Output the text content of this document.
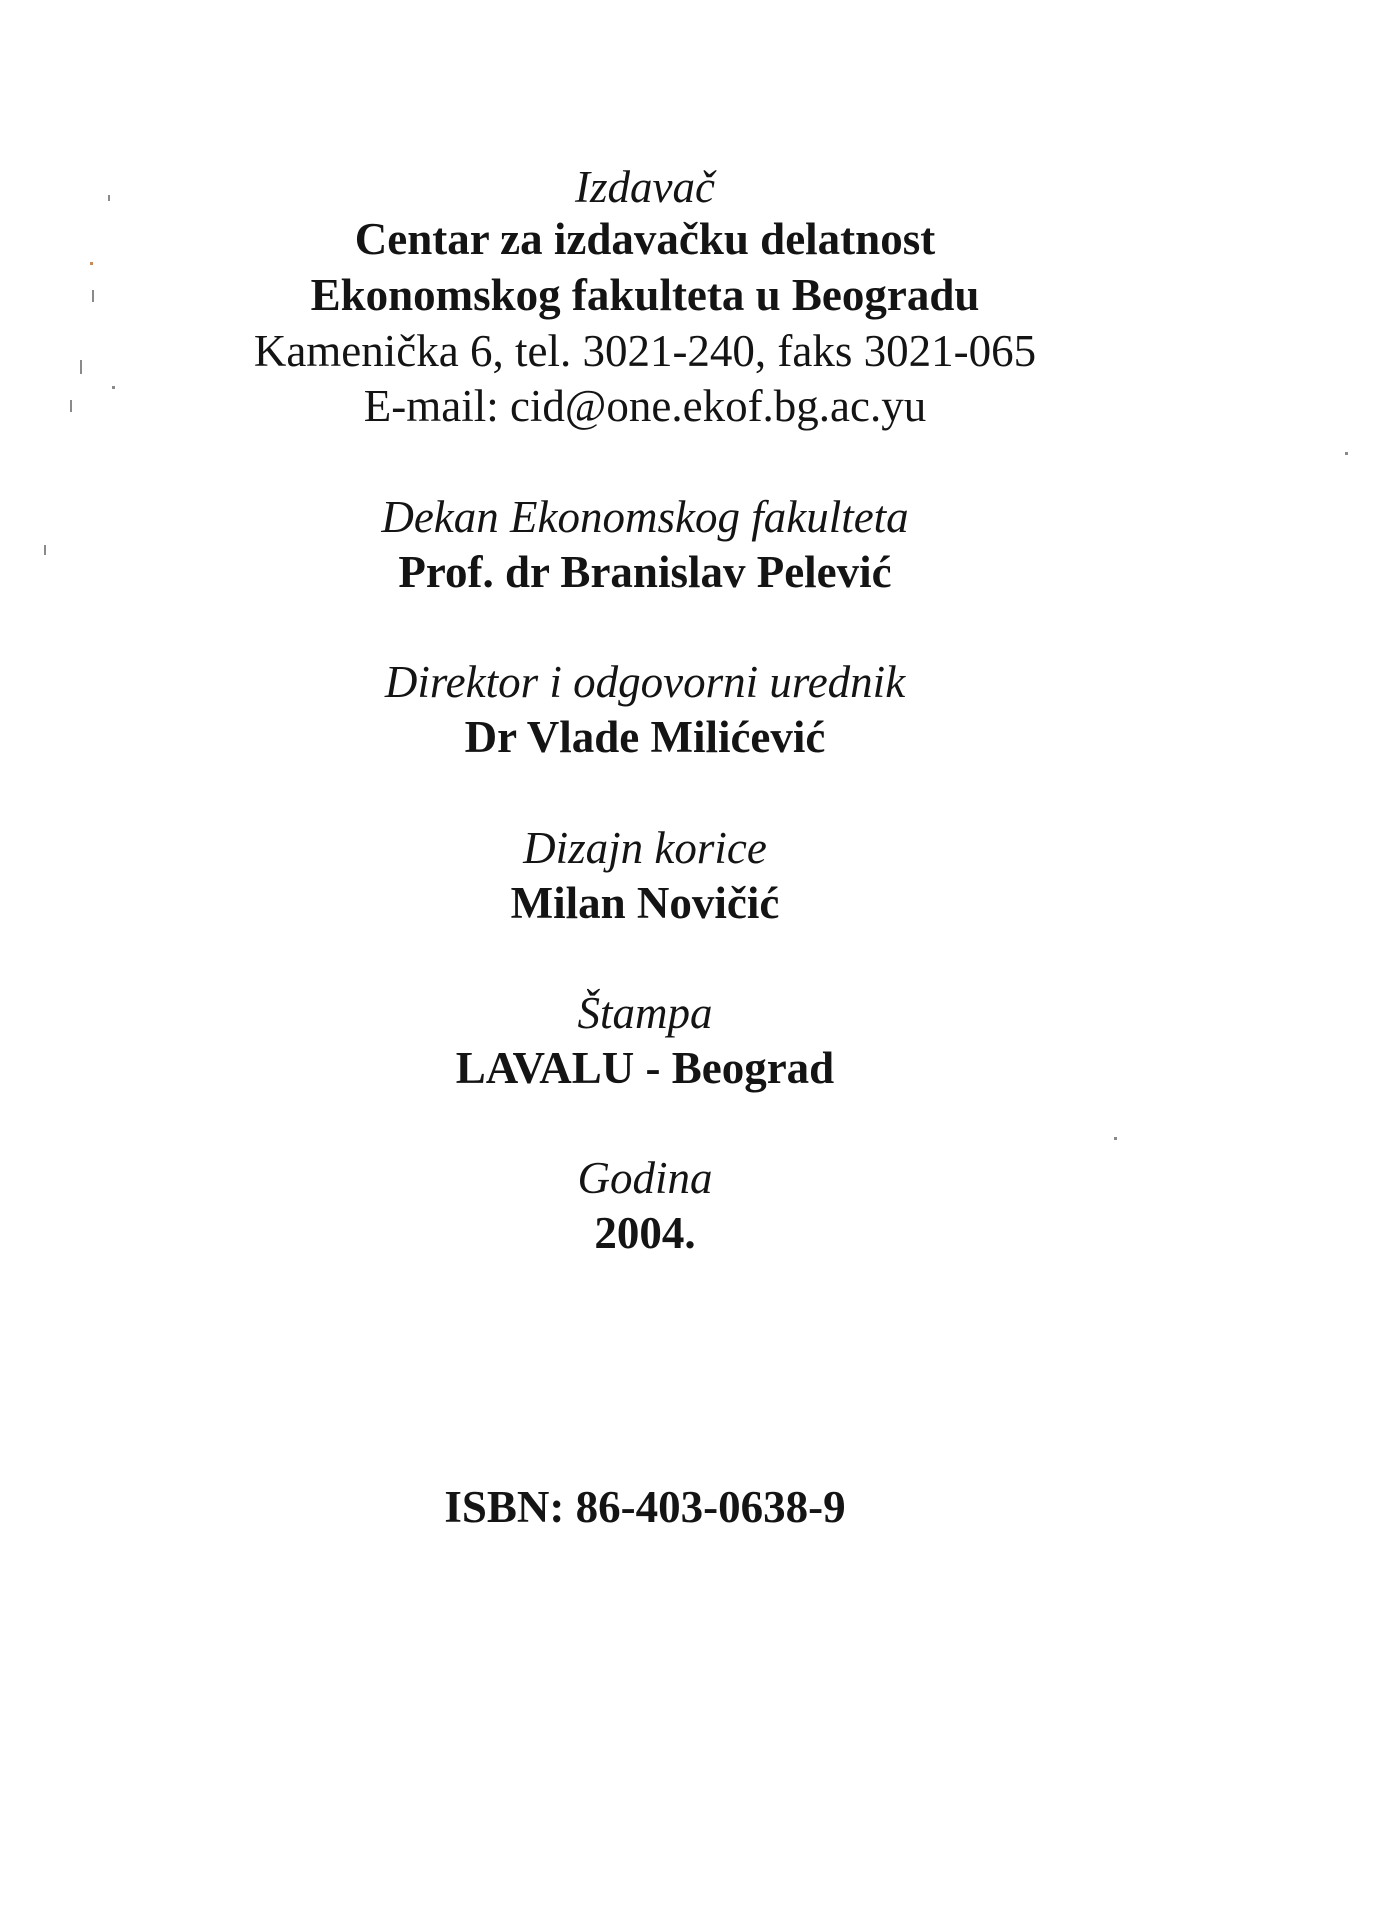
Izdavač
Centar za izdavačku delatnost
Ekonomskog fakulteta u Beogradu
Kamenička 6, tel. 3021-240, faks 3021-065
E-mail: cid@one.ekof.bg.ac.yu
Dekan Ekonomskog fakulteta
Prof. dr Branislav Pelević
Direktor i odgovorni urednik
Dr Vlade Milićević
Dizajn korice
Milan Novičić
Štampa
LAVALU - Beograd
Godina
2004.
ISBN: 86-403-0638-9
